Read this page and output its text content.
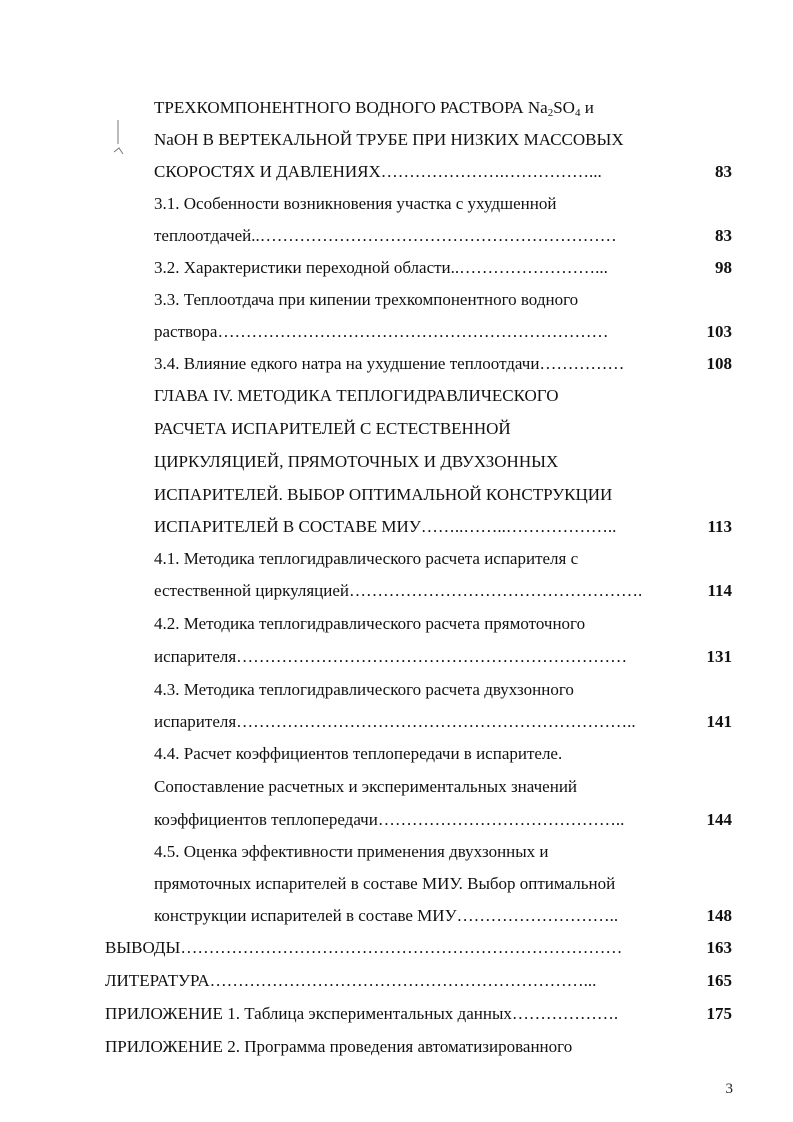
ТРЕХКОМПОНЕНТНОГО ВОДНОГО РАСТВОРА $Na_2SO_4$ и
NaOH В ВЕРТЕКАЛЬНОЙ ТРУБЕ ПРИ НИЗКИХ МАССОВЫХ
СКОРОСТЯХ И ДАВЛЕНИЯХ………………….……………...	83
3.1. Особенности возникновения участка с ухудшенной
теплоотдачей..………………………………………………………	83
3.2. Характеристики переходной области..……………………...	98
3.3. Теплоотдача при кипении трехкомпонентного водного
раствора……………………………………………………………	103
3.4. Влияние едкого натра на ухудшение теплоотдачи……………	108
ГЛАВА IV. МЕТОДИКА ТЕПЛОГИДРАВЛИЧЕСКОГО
РАСЧЕТА ИСПАРИТЕЛЕЙ С ЕСТЕСТВЕННОЙ
ЦИРКУЛЯЦИЕЙ, ПРЯМОТОЧНЫХ И ДВУХЗОННЫХ
ИСПАРИТЕЛЕЙ. ВЫБОР ОПТИМАЛЬНОЙ КОНСТРУКЦИИ
ИСПАРИТЕЛЕЙ В СОСТАВЕ МИУ……..……..………………..	113
4.1. Методика теплогидравлического расчета испарителя с
естественной циркуляцией…………………………………………….	114
4.2. Методика теплогидравлического расчета прямоточного
испарителя……………………………………………………………	131
4.3. Методика теплогидравлического расчета двухзонного
испарителя……………………………………………………………..	141
4.4. Расчет коэффициентов теплопередачи в испарителе.
Сопоставление расчетных и экспериментальных значений
коэффициентов теплопередачи……………………………………..	144
4.5. Оценка эффективности применения двухзонных и
прямоточных испарителей в составе МИУ. Выбор оптимальной
конструкции испарителей в составе МИУ………………………..	148
ВЫВОДЫ……………………………………………………………………	163
ЛИТЕРАТУРА…………………………………………………………...	165
ПРИЛОЖЕНИЕ 1. Таблица экспериментальных данных……………….	175
ПРИЛОЖЕНИЕ 2. Программа проведения автоматизированного
3
